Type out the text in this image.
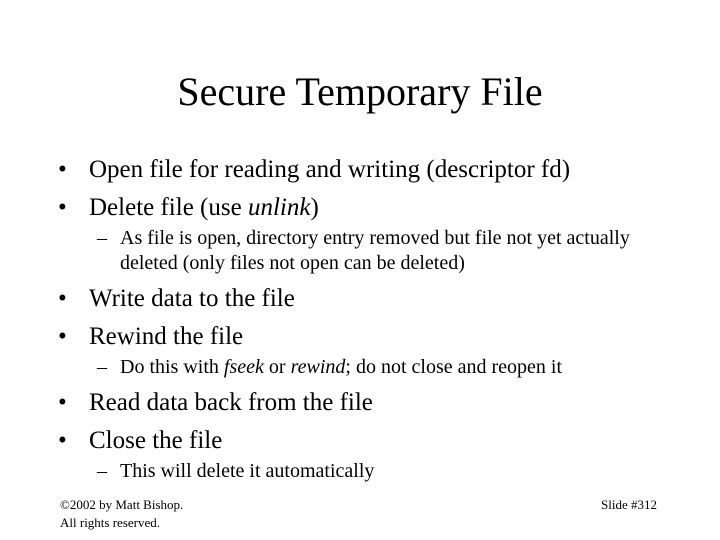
Secure Temporary File
• Open file for reading and writing (descriptor fd)
• Delete file (use unlink)
– As file is open, directory entry removed but file not yet actually deleted (only files not open can be deleted)
• Write data to the file
• Rewind the file
– Do this with fseek or rewind; do not close and reopen it
• Read data back from the file
• Close the file
– This will delete it automatically
©2002 by Matt Bishop.
All rights reserved.
Slide #312
